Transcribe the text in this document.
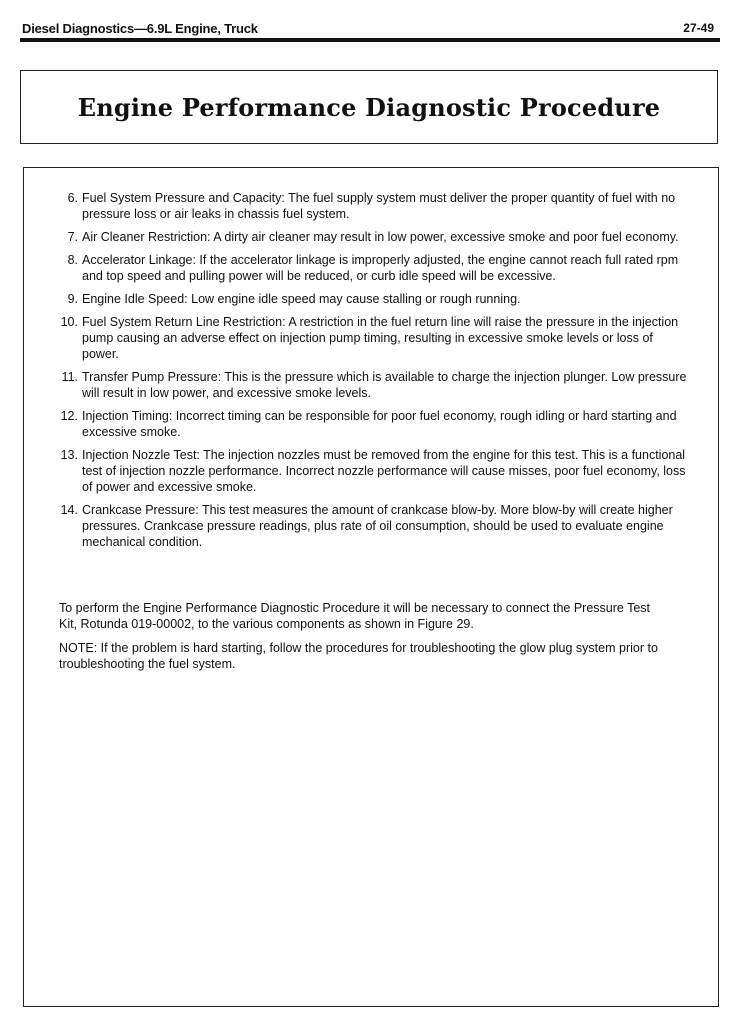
Diesel Diagnostics—6.9L Engine, Truck	27-49
Engine Performance Diagnostic Procedure
6. Fuel System Pressure and Capacity: The fuel supply system must deliver the proper quantity of fuel with no pressure loss or air leaks in chassis fuel system.
7. Air Cleaner Restriction: A dirty air cleaner may result in low power, excessive smoke and poor fuel economy.
8. Accelerator Linkage: If the accelerator linkage is improperly adjusted, the engine cannot reach full rated rpm and top speed and pulling power will be reduced, or curb idle speed will be excessive.
9. Engine Idle Speed: Low engine idle speed may cause stalling or rough running.
10. Fuel System Return Line Restriction: A restriction in the fuel return line will raise the pressure in the injection pump causing an adverse effect on injection pump timing, resulting in excessive smoke levels or loss of power.
11. Transfer Pump Pressure: This is the pressure which is available to charge the injection plunger. Low pressure will result in low power, and excessive smoke levels.
12. Injection Timing: Incorrect timing can be responsible for poor fuel economy, rough idling or hard starting and excessive smoke.
13. Injection Nozzle Test: The injection nozzles must be removed from the engine for this test. This is a functional test of injection nozzle performance. Incorrect nozzle performance will cause misses, poor fuel economy, loss of power and excessive smoke.
14. Crankcase Pressure: This test measures the amount of crankcase blow-by. More blow-by will create higher pressures. Crankcase pressure readings, plus rate of oil consumption, should be used to evaluate engine mechanical condition.

To perform the Engine Performance Diagnostic Procedure it will be necessary to connect the Pressure Test Kit, Rotunda 019-00002, to the various components as shown in Figure 29.

NOTE: If the problem is hard starting, follow the procedures for troubleshooting the glow plug system prior to troubleshooting the fuel system.
